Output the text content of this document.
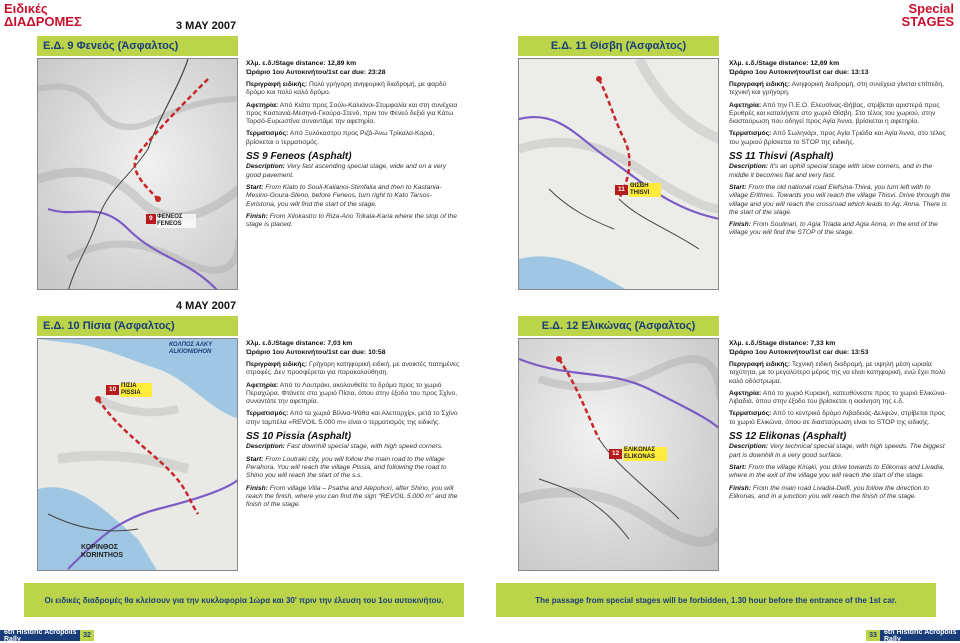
Ειδικές
ΔΙΑΔΡΟΜΕΣ
Special
STAGES
3 ΜΑΥ 2007
Ε.Δ. 9 Φενεός (Άσφαλτος)
9 ΦΕΝΕΟΣ FENEOS
Χλμ. ε.δ./Stage distance: 12,89 km
Ώράριο 1ου Αυτοκινήτου/1st car due: 23:28

Περιγραφή ειδικής: Πολύ γρήγορη ανηφορική διαδρομή, με φαρδύ δρόμο και πολύ καλό δρόμο.

Αφετηρία: Από Κιάτο προς Σούλι-Καλιάνοι-Στυμφαλία και στη συνέχεια προς Κασταvιά-Μεσηνό-Γκούρα-Στενό, πριν τον Φενεό δεξιά για Κάτω Ταρσό-Ευρωστίνα συναντάμε την αφετηρία.

Τερματισμός: Από Ξυλόκαστρο προς Ριζά-Άνω Τρίκαλα-Καριά, βρίσκεται ο τερματισμός.

SS 9 Feneos (Asphalt)

Description: Very fast ascending special stage, wide and on a very good pavement.

Start: From Kiato to Souli-Kalianoi-Stimfalia and then to Kastania-Mesino-Goura-Steno, before Feneos, turn right to Kato Tarsos-Evristona, you will find the start of the stage.

Finish: From Xilokastro to Riza-Ano Trikala-Karia where the stop of the stage is placed.

4 ΜΑΥ 2007
Ε.Δ. 10 Πίσια (Άσφαλτος)
10 ΠΙΣΙΑ PISSIA
ΚΟΛΠΟΣ ΑΛΚΥ ALKIONIDHON
ΚΟΡΙΝΘΟΣ KORINTHOS
Χλμ. ε.δ./Stage distance: 7,03 km
Ώράριο 1ου Αυτοκινήτου/1st car due: 10:58

Περιγραφή ειδικής: Γρήγορη κατηφορική ειδική, με ανοικτές πατημένες στροφές. Δεν προσφέρεται για παρακολούθηση.

Αφετηρία: Από το Λουτράκι, ακολουθείτε το δρόμο προς το χωριό Περαχώρα. Φτάνετε στο χωριό Πίσια, όπου στην έξοδο του προς Σχίνο, συναντάτε την αφετηρία.

Τερματισμός: Από τα χωριά Βίλλια-Ψάθα και Αλεπορχίρι, μετά το Σχίνο στην ταμπέλα «REVOIL 5.000 m» είναι ο τερματισμός της ειδικής.

SS 10 Pissia (Asphalt)

Description: Fast downhill special stage, with high speed corners.

Start: From Loutraki city, you will follow the main road to the village Perahora. You will reach the village Pissia, and following the road to Shino you will reach the start of the s.s.

Finish: From village Vilia – Psatha and Alepohori, after Shino, you will reach the finish, where you can find the sign “REVOIL 5.000 m” and the finish of the stage.

Οι ειδικές διαδρομές θα κλείσουν για την κυκλοφορία 1ώρα και 30' πριν την έλευση του 1ου αυτοκινήτου.
6th Historic Acropolis Rally	32
Ε.Δ. 11 Θίσβη (Άσφαλτος)
11 ΘΙΣΒΗ THISVI
Χλμ. ε.δ./Stage distance: 12,69 km
Ώράριο 1ου Αυτοκινήτου/1st car due: 13:13

Περιγραφή ειδικής: Ανηφορική διαδρομή, στη συνέχεια γίνεται επίπεδη, τεχνική και γρήγορη.

Αφετηρία: Από την Π.Ε.Ο. Ελευσίνας-Θήβας, στρίβεται αριστερά προς Ερυθρές και καταλήγετε στο χωριό Θίσβη. Στο τέλος του χωριού, στην διασταύρωση που οδηγεί προς Αγία Άννα, βρίσκεται η αφετηρία.

Τερματισμός: Από Σωληνάρι, προς Αγία Τριάδα και Αγία Άννα, στο τέλος του χωριού βρίσκεται το STOP της ειδικής.

SS 11 Thisvi (Asphalt)

Description: It's an uphill special stage with slow corners, and in the middle it becomes flat and very fast.

Start: From the old national road Elefsina-Thiva, you turn left with to village Erithres. Towards you will reach the village Thisvi. Drive through the village and you will reach the crossroad which leads to Ag. Anna. There is the start of the stage.

Finish: From Soulinari, to Agia Triada and Agia Anna, in the end of the village you will find the STOP of the stage.

Ε.Δ. 12 Ελικώνας (Άσφαλτος)
12 ΕΛΙΚΩΝΑΣ ELIKONAS
Χλμ. ε.δ./Stage distance: 7,33 km
Ώράριο 1ου Αυτοκινήτου/1st car due: 13:53

Περιγραφή ειδικής: Τεχνική ειδική διαδρομή, με υψηλή μέση ωριαία ταχύτητα, με το μεγαλύτερο μέρος της να είναι κατηφορική, ενώ έχει πολύ καλό οδόστρωμα.

Αφετηρία: Από το χωριό Κυριακή, κατευθύνεστε προς το χωριό Ελικώνα-Λιβαδιά, όπου στην έξοδο του βρίσκεται η εκκίνηση της ε.δ.

Τερματισμός: Από το κεντρικό δρόμο Λιβαδειάς-Δελφών, στρίβεται προς το χωριό Ελικώνα, όπου σε διασταύρωση είναι το STOP της ειδικής.

SS 12 Elikonas (Asphalt)

Description: Very technical special stage, with high speeds. The biggest part is downhill in a very good surface.

Start: From the village Kiriaki, you drive towards to Elikonas and Livadia, where in the exit of the village you will reach the start of the stage.

Finish: From the main road Livadia-Delfi, you follow the direction to Elikonas, and in a junction you will reach the finish of the stage.

The passage from special stages will be forbidden, 1.30 hour before the entrance of the 1st car.
33	6th Historic Acropolis Rally
